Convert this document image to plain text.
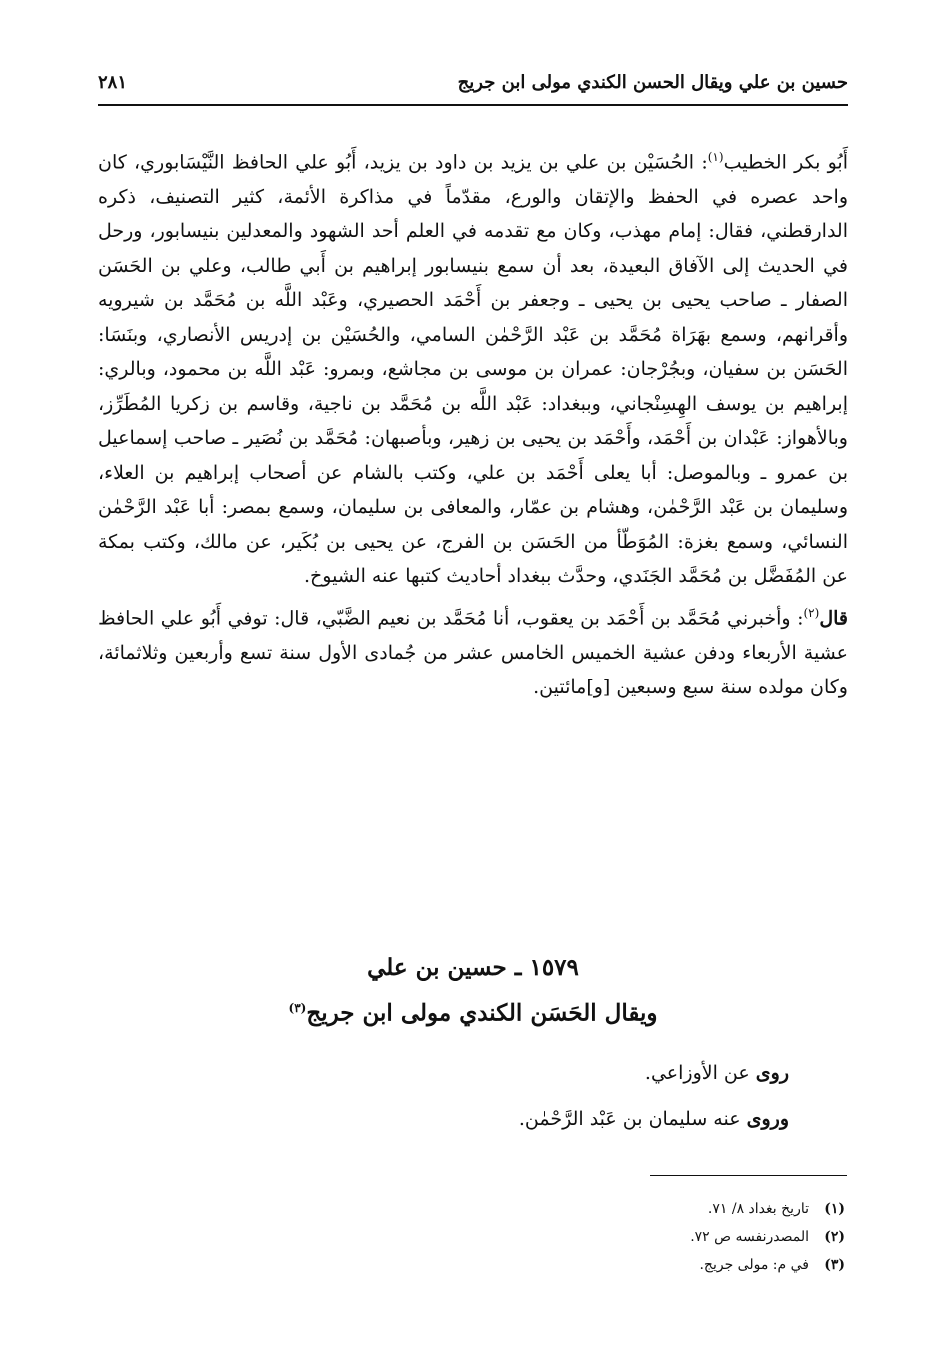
حسين بن علي ويقال الحسن الكندي مولى ابن جريج
٢٨١

أَبُو بكر الخطيب$^{(١)}$: الحُسَيْن بن علي بن يزيد بن داود بن يزيد، أَبُو علي الحافظ النَّيْسَابوري، كان واحد عصره في الحفظ والإتقان والورع، مقدّماً في مذاكرة الأئمة، كثير التصنيف، ذكره الدارقطني، فقال: إمام مهذب، وكان مع تقدمه في العلم أحد الشهود والمعدلين بنيسابور، ورحل في الحديث إلى الآفاق البعيدة، بعد أن سمع بنيسابور إبراهيم بن أَبي طالب، وعلي بن الحَسَن الصفار ـ صاحب يحيى بن يحيى ـ وجعفر بن أَحْمَد الحصيري، وعَبْد اللَّه بن مُحَمَّد بن شيرويه وأقرانهم، وسمع بهَرَاة مُحَمَّد بن عَبْد الرَّحْمٰن السامي، والحُسَيْن بن إدريس الأنصاري، وبنَسَا: الحَسَن بن سفيان، وبجُرْجان: عمران بن موسى بن مجاشع، وبمرو: عَبْد اللَّه بن محمود، وبالري: إبراهيم بن يوسف الهِسِنْجاني، وببغداد: عَبْد اللَّه بن مُحَمَّد بن ناجية، وقاسم بن زكريا المُطَرِّز، وبالأهواز: عَبْدان بن أَحْمَد، وأَحْمَد بن يحيى بن زهير، وبأصبهان: مُحَمَّد بن نُصَير ـ صاحب إسماعيل بن عمرو ـ وبالموصل: أبا يعلى أَحْمَد بن علي، وكتب بالشام عن أصحاب إبراهيم بن العلاء، وسليمان بن عَبْد الرَّحْمٰن، وهشام بن عمّار، والمعافى بن سليمان، وسمع بمصر: أبا عَبْد الرَّحْمٰن النسائي، وسمع بغزة: المُوَطّأ من الحَسَن بن الفرج، عن يحيى بن بُكَير، عن مالك، وكتب بمكة عن المُفَضَّل بن مُحَمَّد الجَنَدي، وحدَّث ببغداد أحاديث كتبها عنه الشيوخ.

قال$^{(٢)}$: وأخبرني مُحَمَّد بن أَحْمَد بن يعقوب، أنا مُحَمَّد بن نعيم الضَّبّي، قال: توفي أَبُو علي الحافظ عشية الأربعاء ودفن عشية الخميس الخامس عشر من جُمادى الأول سنة تسع وأربعين وثلاثمائة، وكان مولده سنة سبع وسبعين [و]مائتين.

١٥٧٩ ـ حسين بن علي
ويقال الحَسَن الكندي مولى ابن جريج$^{(٣)}$
روى عن الأوزاعي.
وروى عنه سليمان بن عَبْد الرَّحْمٰن.
(١)تاريخ بغداد ٨/ ٧١.
(٢)المصدرنفسه ص ٧٢.
(٣)في م: مولى جريج.
